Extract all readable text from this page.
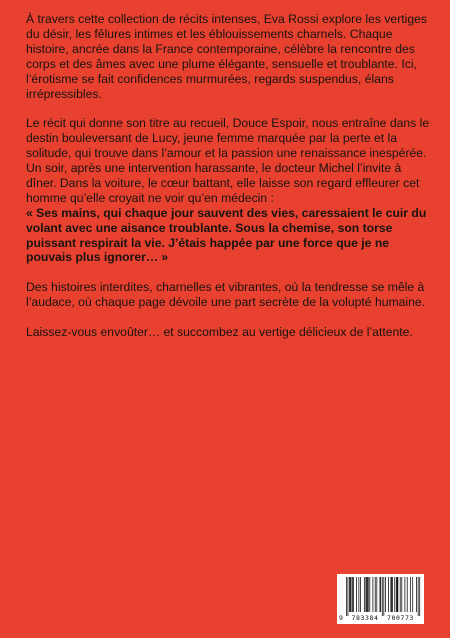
À travers cette collection de récits intenses, Eva Rossi explore les vertiges du désir, les fêlures intimes et les éblouissements charnels. Chaque histoire, ancrée dans la France contemporaine, célèbre la rencontre des corps et des âmes avec une plume élégante, sensuelle et troublante. Ici, l’érotisme se fait confidences murmurées, regards suspendus, élans irrépressibles.

Le récit qui donne son titre au recueil, Douce Espoir, nous entraîne dans le destin bouleversant de Lucy, jeune femme marquée par la perte et la solitude, qui trouve dans l’amour et la passion une renaissance inespérée.

Un soir, après une intervention harassante, le docteur Michel l’invite à dîner. Dans la voiture, le cœur battant, elle laisse son regard effleurer cet homme qu’elle croyait ne voir qu’en médecin :

« Ses mains, qui chaque jour sauvent des vies, caressaient le cuir du volant avec une aisance troublante. Sous la chemise, son torse puissant respirait la vie. J’étais happée par une force que je ne pouvais plus ignorer… »

Des histoires interdites, charnelles et vibrantes, où la tendresse se mêle à l’audace, où chaque page dévoile une part secrète de la volupté humaine.

Laissez-vous envoûter… et succombez au vertige délicieux de l’attente.

9	783384	700773
